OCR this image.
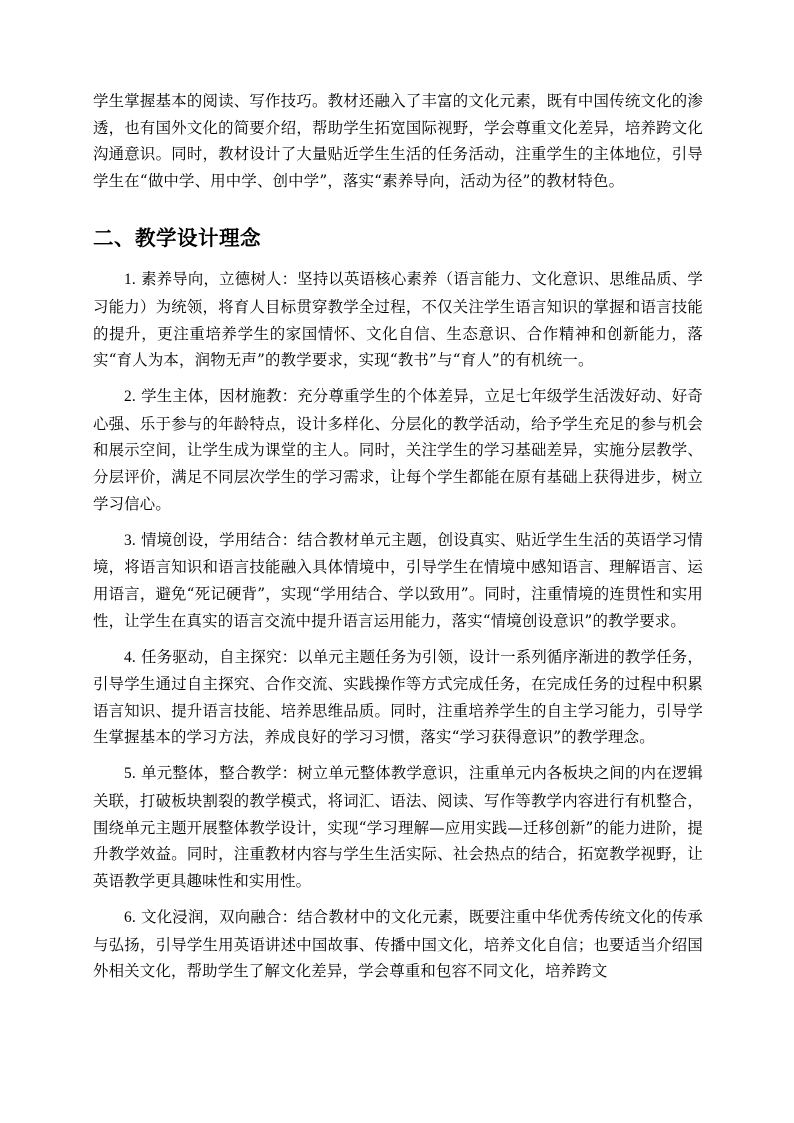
学生掌握基本的阅读、写作技巧。教材还融入了丰富的文化元素，既有中国传统文化的渗透，也有国外文化的简要介绍，帮助学生拓宽国际视野，学会尊重文化差异，培养跨文化沟通意识。同时，教材设计了大量贴近学生生活的任务活动，注重学生的主体地位，引导学生在“做中学、用中学、创中学”，落实“素养导向，活动为径”的教材特色。

二、教学设计理念

1. 素养导向，立德树人：坚持以英语核心素养（语言能力、文化意识、思维品质、学习能力）为统领，将育人目标贯穿教学全过程，不仅关注学生语言知识的掌握和语言技能的提升，更注重培养学生的家国情怀、文化自信、生态意识、合作精神和创新能力，落实“育人为本，润物无声”的教学要求，实现“教书”与“育人”的有机统一。

2. 学生主体，因材施教：充分尊重学生的个体差异，立足七年级学生活泼好动、好奇心强、乐于参与的年龄特点，设计多样化、分层化的教学活动，给予学生充足的参与机会和展示空间，让学生成为课堂的主人。同时，关注学生的学习基础差异，实施分层教学、分层评价，满足不同层次学生的学习需求，让每个学生都能在原有基础上获得进步，树立学习信心。

3. 情境创设，学用结合：结合教材单元主题，创设真实、贴近学生生活的英语学习情境，将语言知识和语言技能融入具体情境中，引导学生在情境中感知语言、理解语言、运用语言，避免“死记硬背”，实现“学用结合、学以致用”。同时，注重情境的连贯性和实用性，让学生在真实的语言交流中提升语言运用能力，落实“情境创设意识”的教学要求。

4. 任务驱动，自主探究：以单元主题任务为引领，设计一系列循序渐进的教学任务，引导学生通过自主探究、合作交流、实践操作等方式完成任务，在完成任务的过程中积累语言知识、提升语言技能、培养思维品质。同时，注重培养学生的自主学习能力，引导学生掌握基本的学习方法，养成良好的学习习惯，落实“学习获得意识”的教学理念。

5. 单元整体，整合教学：树立单元整体教学意识，注重单元内各板块之间的内在逻辑关联，打破板块割裂的教学模式，将词汇、语法、阅读、写作等教学内容进行有机整合，围绕单元主题开展整体教学设计，实现“学习理解—应用实践—迁移创新”的能力进阶，提升教学效益。同时，注重教材内容与学生生活实际、社会热点的结合，拓宽教学视野，让英语教学更具趣味性和实用性。

6. 文化浸润，双向融合：结合教材中的文化元素，既要注重中华优秀传统文化的传承与弘扬，引导学生用英语讲述中国故事、传播中国文化，培养文化自信；也要适当介绍国外相关文化，帮助学生了解文化差异，学会尊重和包容不同文化，培养跨文
